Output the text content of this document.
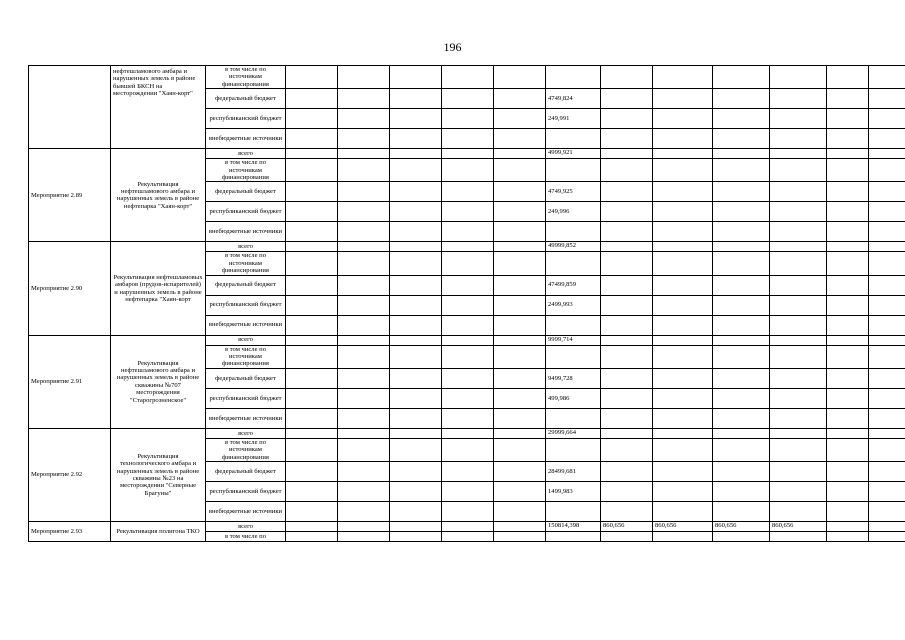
196
	нефтешламового амбара и нарушенных земель в районе бывшей БКСН на месторождении "Хаян-корт"	в том числе по источникам финансирования												
		федеральный бюджет						4749,824						
		республиканский бюджет						249,991						
		внебюджетные источники												
Мероприятие 2.89	Рекультивация нефтешламового амбара и нарушенных земель в районе нефтепарка "Хаян-корт"	всего						4999,921						
		в том числе по источникам финансирования												
		федеральный бюджет						4749,925						
		республиканский бюджет						249,996						
		внебюджетные источники												
Мероприятие 2.90	Рекультивация нефтешламовых амбаров (прудов-испарителей) и нарушенных земель в районе нефтепарка "Хаян-корт	всего						49999,852						
		в том числе по источникам финансирования												
		федеральный бюджет						47499,859						
		республиканский бюджет						2499,993						
		внебюджетные источники												
Мероприятие 2.91	Рекультивация нефтешламового амбара и нарушенных земель в районе скважины №707 месторождения "Старогрозненское"	всего						9999,714						
		в том числе по источникам финансирования												
		федеральный бюджет						9499,728						
		республиканский бюджет						499,986						
		внебюджетные источники												
Мероприятие 2.92	Рекультивация технологического амбара и нарушенных земель в районе скважины №23 на месторождении "Северные Брагуны"	всего						29999,664						
		в том числе по источникам финансирования												
		федеральный бюджет						28499,681						
		республиканский бюджет						1499,983						
		внебюджетные источники												
Мероприятие 2.93	Рекультивация полигона ТКО	всего						150814,398	860,656	860,656	860,656	860,656		
		в том числе по												
